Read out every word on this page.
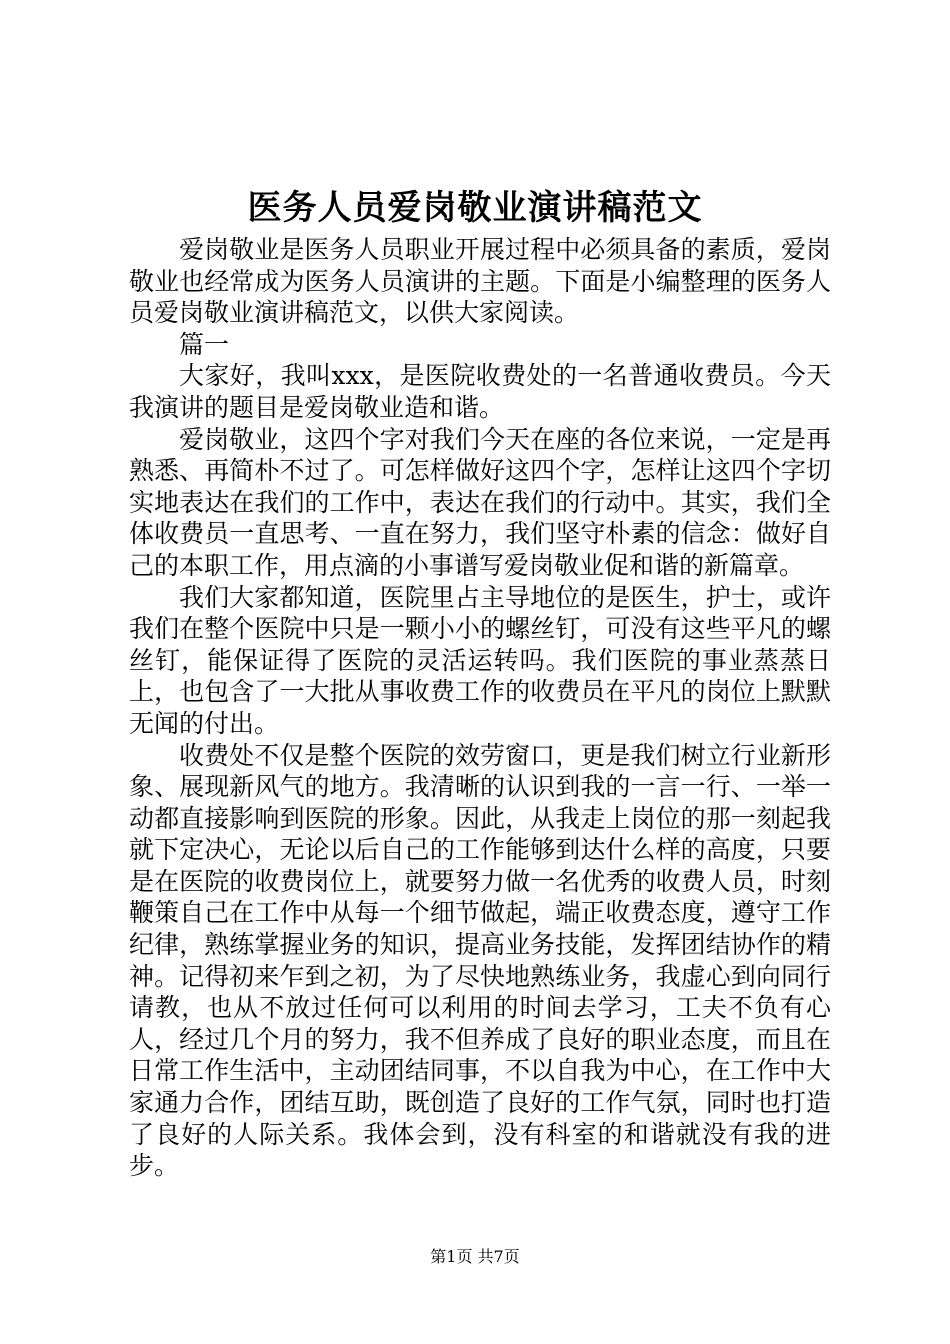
医务人员爱岗敬业演讲稿范文

爱岗敬业是医务人员职业开展过程中必须具备的素质，爱岗敬业也经常成为医务人员演讲的主题。下面是小编整理的医务人员爱岗敬业演讲稿范文，以供大家阅读。

篇一

大家好，我叫xxx，是医院收费处的一名普通收费员。今天我演讲的题目是爱岗敬业造和谐。

爱岗敬业，这四个字对我们今天在座的各位来说，一定是再熟悉、再简朴不过了。可怎样做好这四个字，怎样让这四个字切实地表达在我们的工作中，表达在我们的行动中。其实，我们全体收费员一直思考、一直在努力，我们坚守朴素的信念：做好自己的本职工作，用点滴的小事谱写爱岗敬业促和谐的新篇章。

我们大家都知道，医院里占主导地位的是医生，护士，或许我们在整个医院中只是一颗小小的螺丝钉，可没有这些平凡的螺丝钉，能保证得了医院的灵活运转吗。我们医院的事业蒸蒸日上，也包含了一大批从事收费工作的收费员在平凡的岗位上默默无闻的付出。

收费处不仅是整个医院的效劳窗口，更是我们树立行业新形象、展现新风气的地方。我清晰的认识到我的一言一行、一举一动都直接影响到医院的形象。因此，从我走上岗位的那一刻起我就下定决心，无论以后自己的工作能够到达什么样的高度，只要是在医院的收费岗位上，就要努力做一名优秀的收费人员，时刻鞭策自己在工作中从每一个细节做起，端正收费态度，遵守工作纪律，熟练掌握业务的知识，提高业务技能，发挥团结协作的精神。记得初来乍到之初，为了尽快地熟练业务，我虚心到向同行请教，也从不放过任何可以利用的时间去学习，工夫不负有心人，经过几个月的努力，我不但养成了良好的职业态度，而且在日常工作生活中，主动团结同事，不以自我为中心，在工作中大家通力合作，团结互助，既创造了良好的工作气氛，同时也打造了良好的人际关系。我体会到，没有科室的和谐就没有我的进步。

第1页 共7页
